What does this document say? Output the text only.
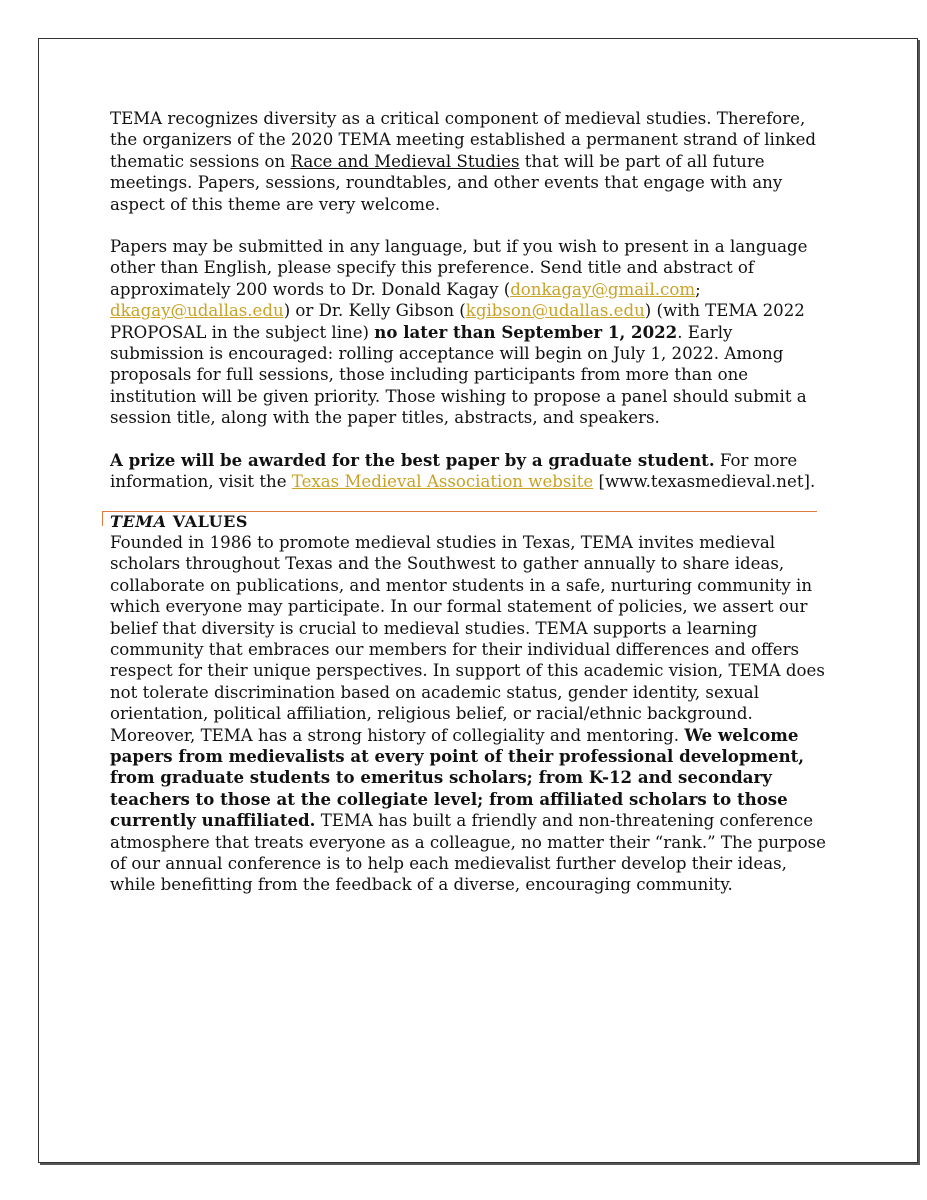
TEMA recognizes diversity as a critical component of medieval studies. Therefore, the organizers of the 2020 TEMA meeting established a permanent strand of linked thematic sessions on Race and Medieval Studies that will be part of all future meetings. Papers, sessions, roundtables, and other events that engage with any aspect of this theme are very welcome.

Papers may be submitted in any language, but if you wish to present in a language other than English, please specify this preference. Send title and abstract of approximately 200 words to Dr. Donald Kagay (donkagay@gmail.com; dkagay@udallas.edu) or Dr. Kelly Gibson (kgibson@udallas.edu) (with TEMA 2022 PROPOSAL in the subject line) no later than September 1, 2022. Early submission is encouraged: rolling acceptance will begin on July 1, 2022. Among proposals for full sessions, those including participants from more than one institution will be given priority. Those wishing to propose a panel should submit a session title, along with the paper titles, abstracts, and speakers.

A prize will be awarded for the best paper by a graduate student. For more information, visit the Texas Medieval Association website [www.texasmedieval.net].

TEMA VALUES

Founded in 1986 to promote medieval studies in Texas, TEMA invites medieval scholars throughout Texas and the Southwest to gather annually to share ideas, collaborate on publications, and mentor students in a safe, nurturing community in which everyone may participate. In our formal statement of policies, we assert our belief that diversity is crucial to medieval studies. TEMA supports a learning community that embraces our members for their individual differences and offers respect for their unique perspectives. In support of this academic vision, TEMA does not tolerate discrimination based on academic status, gender identity, sexual orientation, political affiliation, religious belief, or racial/ethnic background. Moreover, TEMA has a strong history of collegiality and mentoring. We welcome papers from medievalists at every point of their professional development, from graduate students to emeritus scholars; from K-12 and secondary teachers to those at the collegiate level; from affiliated scholars to those currently unaffiliated. TEMA has built a friendly and non-threatening conference atmosphere that treats everyone as a colleague, no matter their “rank.” The purpose of our annual conference is to help each medievalist further develop their ideas, while benefitting from the feedback of a diverse, encouraging community.
